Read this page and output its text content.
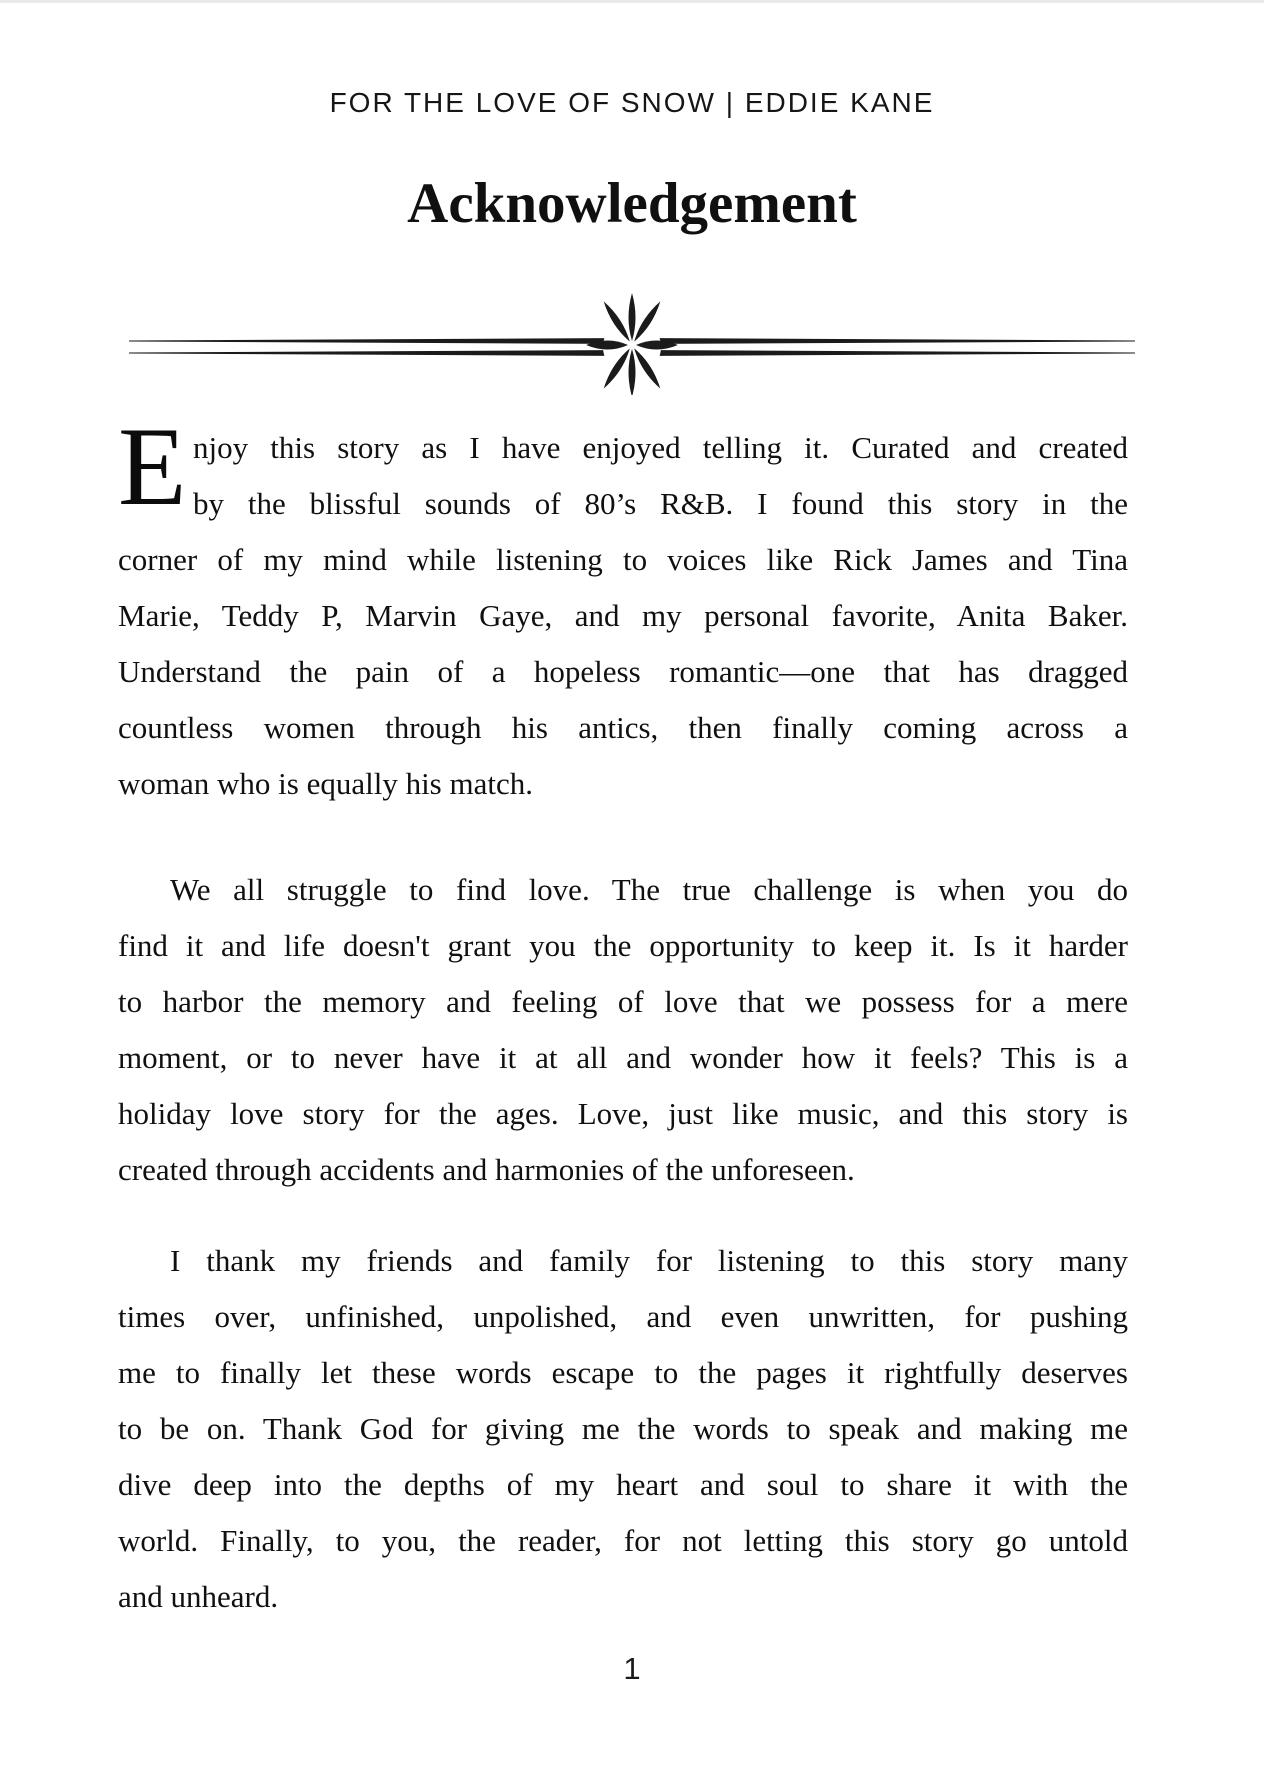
FOR THE LOVE OF SNOW | EDDIE KANE
Acknowledgement
E njoy this story as I have enjoyed telling it. Curated and created
by the blissful sounds of 80’s R&B. I found this story in the
corner of my mind while listening to voices like Rick James and Tina
Marie, Teddy P, Marvin Gaye, and my personal favorite, Anita Baker.
Understand the pain of a hopeless romantic—one that has dragged
countless women through his antics, then finally coming across a
woman who is equally his match.
We all struggle to find love. The true challenge is when you do
find it and life doesn't grant you the opportunity to keep it. Is it harder
to harbor the memory and feeling of love that we possess for a mere
moment, or to never have it at all and wonder how it feels? This is a
holiday love story for the ages. Love, just like music, and this story is
created through accidents and harmonies of the unforeseen.
I thank my friends and family for listening to this story many
times over, unfinished, unpolished, and even unwritten, for pushing
me to finally let these words escape to the pages it rightfully deserves
to be on. Thank God for giving me the words to speak and making me
dive deep into the depths of my heart and soul to share it with the
world. Finally, to you, the reader, for not letting this story go untold
and unheard.
1
